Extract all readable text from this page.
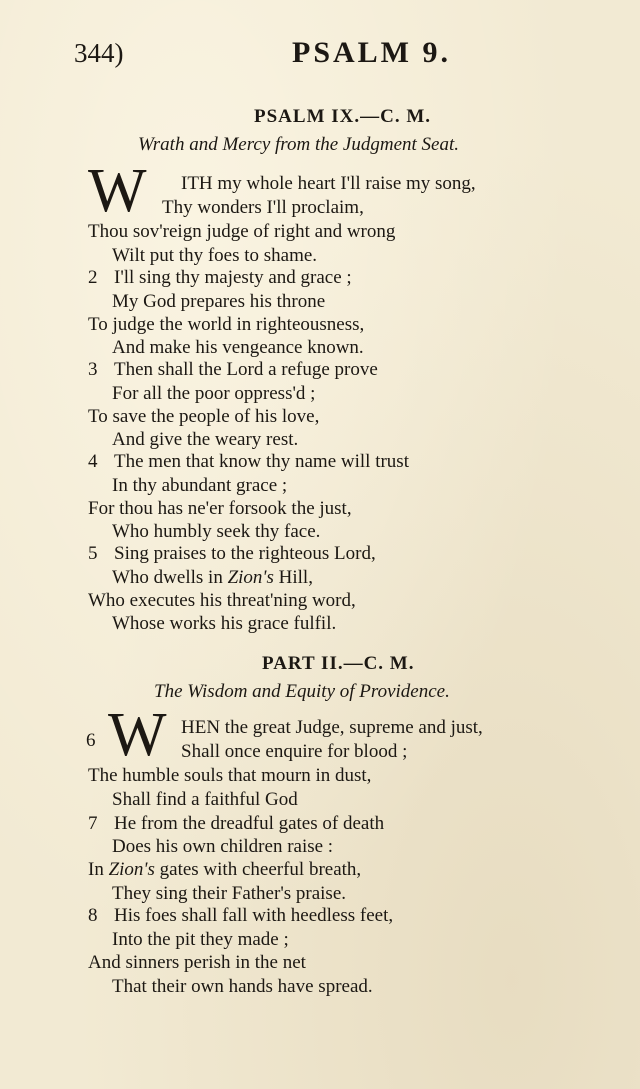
344)	PSALM 9.
PSALM IX.—C. M.
Wrath and Mercy from the Judgment Seat.
W ITH my whole heart I'll raise my song,
Thy wonders I'll proclaim,
Thou sov'reign judge of right and wrong
Wilt put thy foes to shame.
2 I'll sing thy majesty and grace ;
My God prepares his throne
To judge the world in righteousness,
And make his vengeance known.
3 Then shall the Lord a refuge prove
For all the poor oppress'd ;
To save the people of his love,
And give the weary rest.
4 The men that know thy name will trust
In thy abundant grace ;
For thou has ne'er forsook the just,
Who humbly seek thy face.
5 Sing praises to the righteous Lord,
Who dwells in Zion's Hill,
Who executes his threat'ning word,
Whose works his grace fulfil.
PART II.—C. M.
The Wisdom and Equity of Providence.
6 W HEN the great Judge, supreme and just,
Shall once enquire for blood ;
The humble souls that mourn in dust,
Shall find a faithful God
7 He from the dreadful gates of death
Does his own children raise :
In Zion's gates with cheerful breath,
They sing their Father's praise.
8 His foes shall fall with heedless feet,
Into the pit they made ;
And sinners perish in the net
That their own hands have spread.
